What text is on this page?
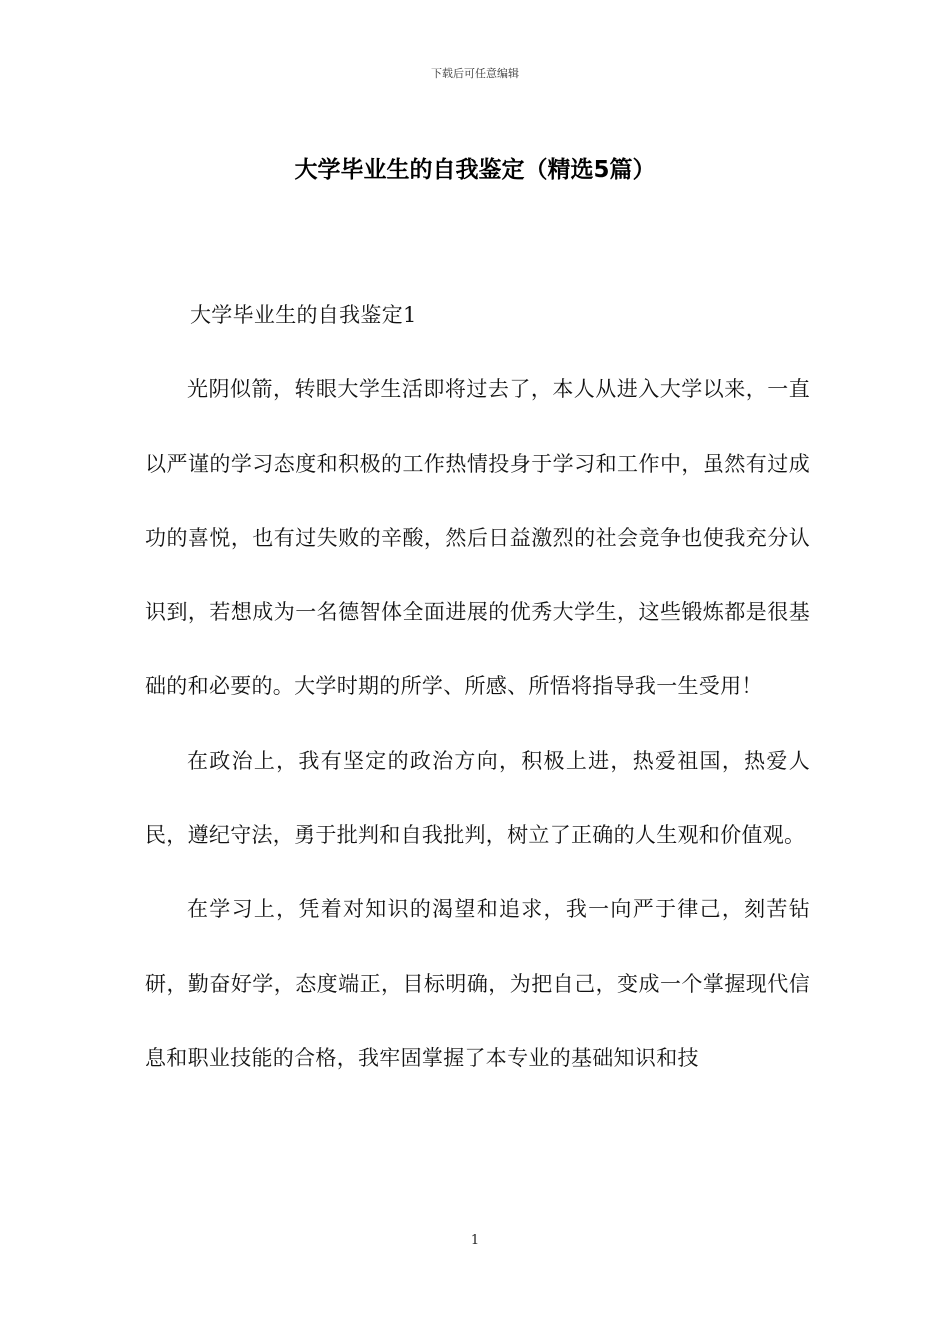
下载后可任意编辑
大学毕业生的自我鉴定（精选5篇）

大学毕业生的自我鉴定1

光阴似箭，转眼大学生活即将过去了，本人从进入大学以来，一直以严谨的学习态度和积极的工作热情投身于学习和工作中，虽然有过成功的喜悦，也有过失败的辛酸，然后日益激烈的社会竞争也使我充分认识到，若想成为一名德智体全面进展的优秀大学生，这些锻炼都是很基础的和必要的。大学时期的所学、所感、所悟将指导我一生受用！

在政治上，我有坚定的政治方向，积极上进，热爱祖国，热爱人民，遵纪守法，勇于批判和自我批判，树立了正确的人生观和价值观。

在学习上，凭着对知识的渴望和追求，我一向严于律己，刻苦钻研，勤奋好学，态度端正，目标明确，为把自己，变成一个掌握现代信息和职业技能的合格，我牢固掌握了本专业的基础知识和技

1
